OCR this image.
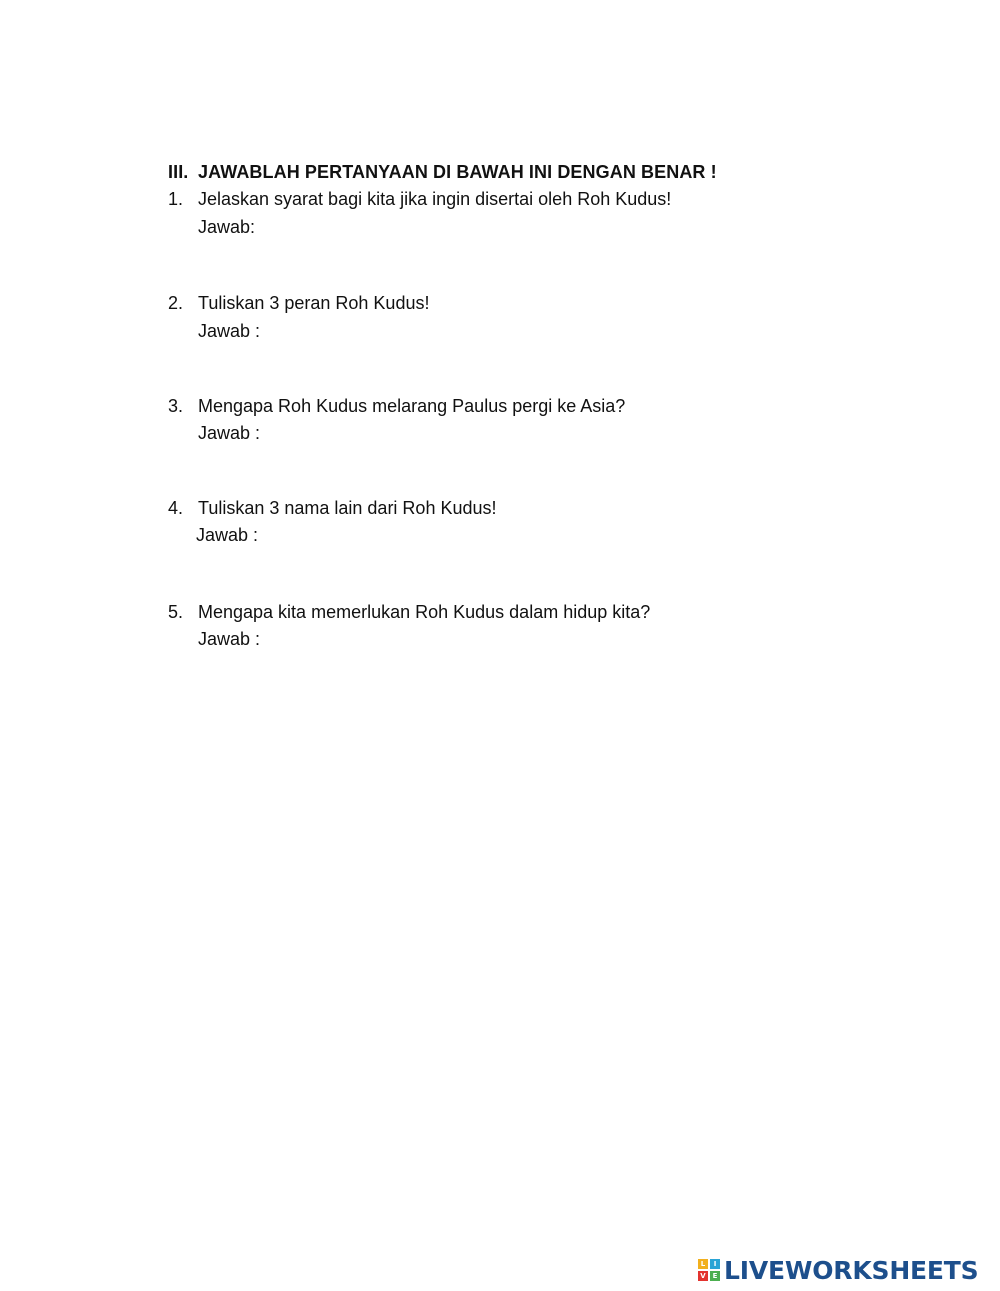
III. JAWABLAH PERTANYAAN DI BAWAH INI DENGAN BENAR !
1. Jelaskan syarat bagi kita jika ingin disertai oleh Roh Kudus!
Jawab:
2. Tuliskan 3 peran Roh Kudus!
Jawab :
3. Mengapa Roh Kudus melarang Paulus pergi ke Asia?
Jawab :
4. Tuliskan 3 nama lain dari Roh Kudus!
Jawab :
5. Mengapa kita memerlukan Roh Kudus dalam hidup kita?
Jawab :
L	I
V E LIVEWORKSHEETS
